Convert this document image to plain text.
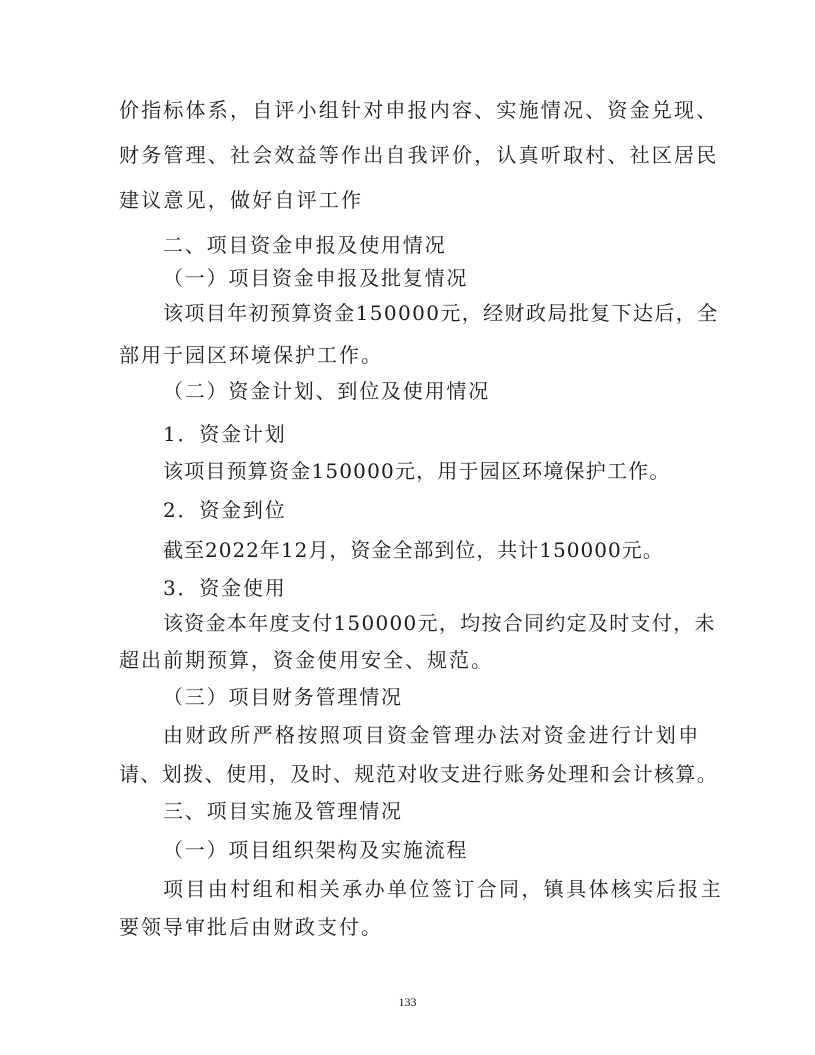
价指标体系，自评小组针对申报内容、实施情况、资金兑现、
财务管理、社会效益等作出自我评价，认真听取村、社区居民
建议意见，做好自评工作
二、项目资金申报及使用情况
（一）项目资金申报及批复情况
该项目年初预算资金150000元，经财政局批复下达后，全
部用于园区环境保护工作。
（二）资金计划、到位及使用情况
1．资金计划
该项目预算资金150000元，用于园区环境保护工作。
2．资金到位
截至2022年12月，资金全部到位，共计150000元。
3．资金使用
该资金本年度支付150000元，均按合同约定及时支付，未
超出前期预算，资金使用安全、规范。
（三）项目财务管理情况
由财政所严格按照项目资金管理办法对资金进行计划申
请、划拨、使用，及时、规范对收支进行账务处理和会计核算。
三、项目实施及管理情况
（一）项目组织架构及实施流程
项目由村组和相关承办单位签订合同，镇具体核实后报主
要领导审批后由财政支付。
133
